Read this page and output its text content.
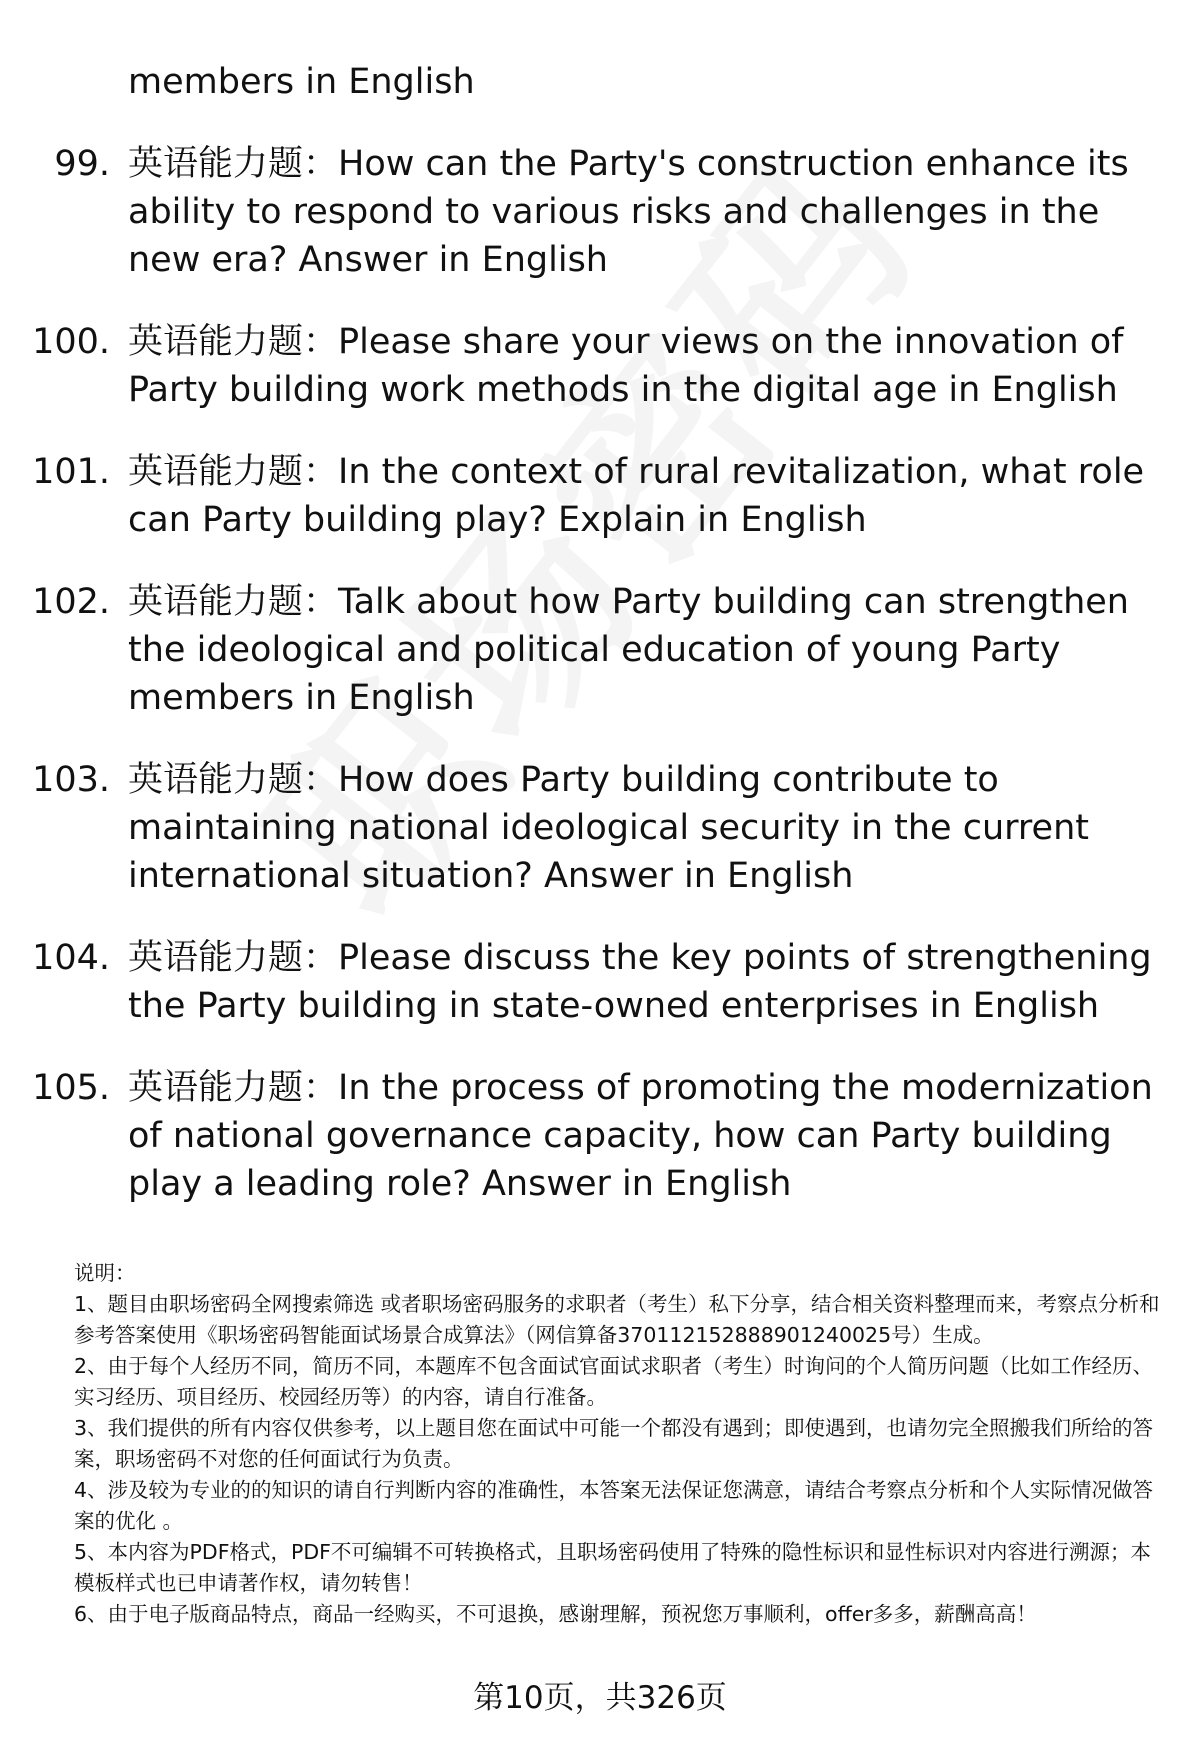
members in English
99. 英语能力题：How can the Party's construction enhance its ability to respond to various risks and challenges in the new era? Answer in English
100. 英语能力题：Please share your views on the innovation of Party building work methods in the digital age in English
101. 英语能力题：In the context of rural revitalization, what role can Party building play? Explain in English
102. 英语能力题：Talk about how Party building can strengthen the ideological and political education of young Party members in English
103. 英语能力题：How does Party building contribute to maintaining national ideological security in the current international situation? Answer in English
104. 英语能力题：Please discuss the key points of strengthening the Party building in state-owned enterprises in English
105. 英语能力题：In the process of promoting the modernization of national governance capacity, how can Party building play a leading role? Answer in English

说明：

1、题目由职场密码全网搜索筛选 或者职场密码服务的求职者（考生）私下分享，结合相关资料整理而来，考察点分析和参考答案使用《职场密码智能面试场景合成算法》（网信算备370112152888901240025号）生成。

2、由于每个人经历不同，简历不同，本题库不包含面试官面试求职者（考生）时询问的个人简历问题（比如工作经历、实习经历、项目经历、校园经历等）的内容，请自行准备。

3、我们提供的所有内容仅供参考，以上题目您在面试中可能一个都没有遇到；即使遇到，也请勿完全照搬我们所给的答案，职场密码不对您的任何面试行为负责。

4、涉及较为专业的的知识的请自行判断内容的准确性，本答案无法保证您满意，请结合考察点分析和个人实际情况做答案的优化 。

5、本内容为PDF格式，PDF不可编辑不可转换格式，且职场密码使用了特殊的隐性标识和显性标识对内容进行溯源；本模板样式也已申请著作权，请勿转售！

6、由于电子版商品特点，商品一经购买，不可退换，感谢理解，预祝您万事顺利，offer多多，薪酬高高！

第10页，共326页
